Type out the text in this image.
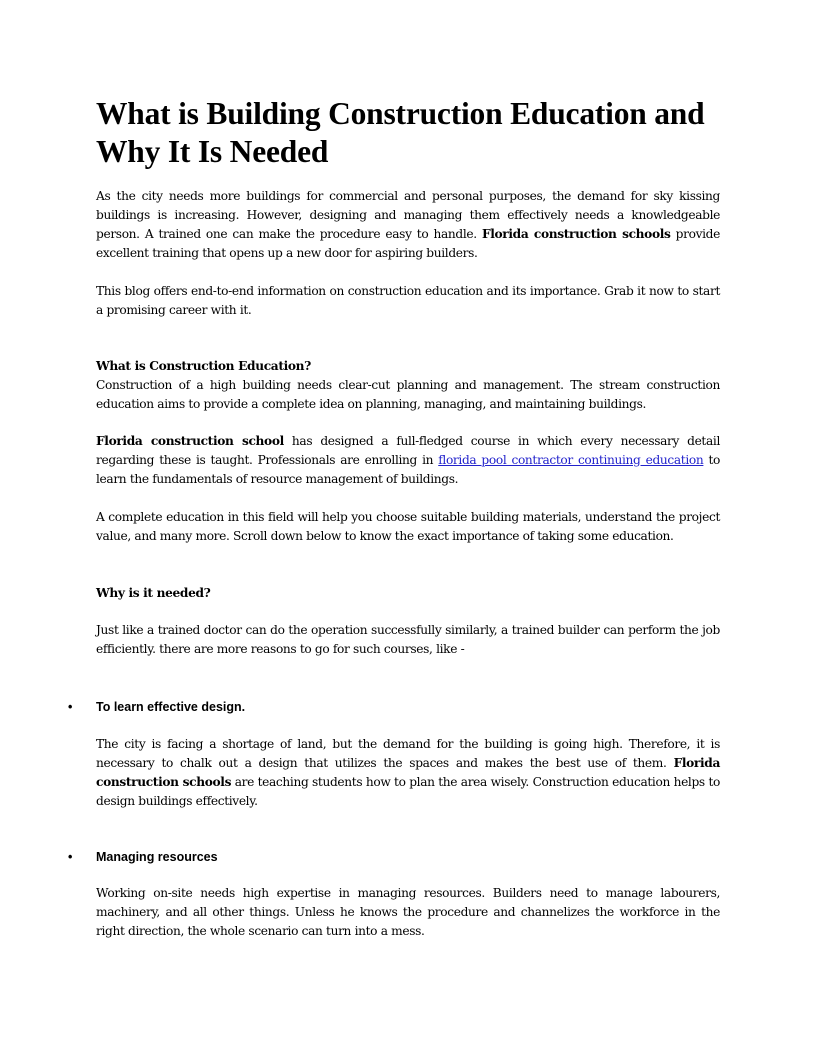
What is Building Construction Education and Why It Is Needed

As the city needs more buildings for commercial and personal purposes, the demand for sky kissing buildings is increasing. However, designing and managing them effectively needs a knowledgeable person. A trained one can make the procedure easy to handle. Florida construction schools provide excellent training that opens up a new door for aspiring builders.

This blog offers end-to-end information on construction education and its importance. Grab it now to start a promising career with it.

What is Construction Education?

Construction of a high building needs clear-cut planning and management. The stream construction education aims to provide a complete idea on planning, managing, and maintaining buildings.

Florida construction school has designed a full-fledged course in which every necessary detail regarding these is taught. Professionals are enrolling in florida pool contractor continuing education to learn the fundamentals of resource management of buildings.

A complete education in this field will help you choose suitable building materials, understand the project value, and many more. Scroll down below to know the exact importance of taking some education.

Why is it needed?

Just like a trained doctor can do the operation successfully similarly, a trained builder can perform the job efficiently. there are more reasons to go for such courses, like -

•	To learn effective design.

The city is facing a shortage of land, but the demand for the building is going high. Therefore, it is necessary to chalk out a design that utilizes the spaces and makes the best use of them. Florida construction schools are teaching students how to plan the area wisely. Construction education helps to design buildings effectively.

•	Managing resources

Working on-site needs high expertise in managing resources. Builders need to manage labourers, machinery, and all other things. Unless he knows the procedure and channelizes the workforce in the right direction, the whole scenario can turn into a mess.
